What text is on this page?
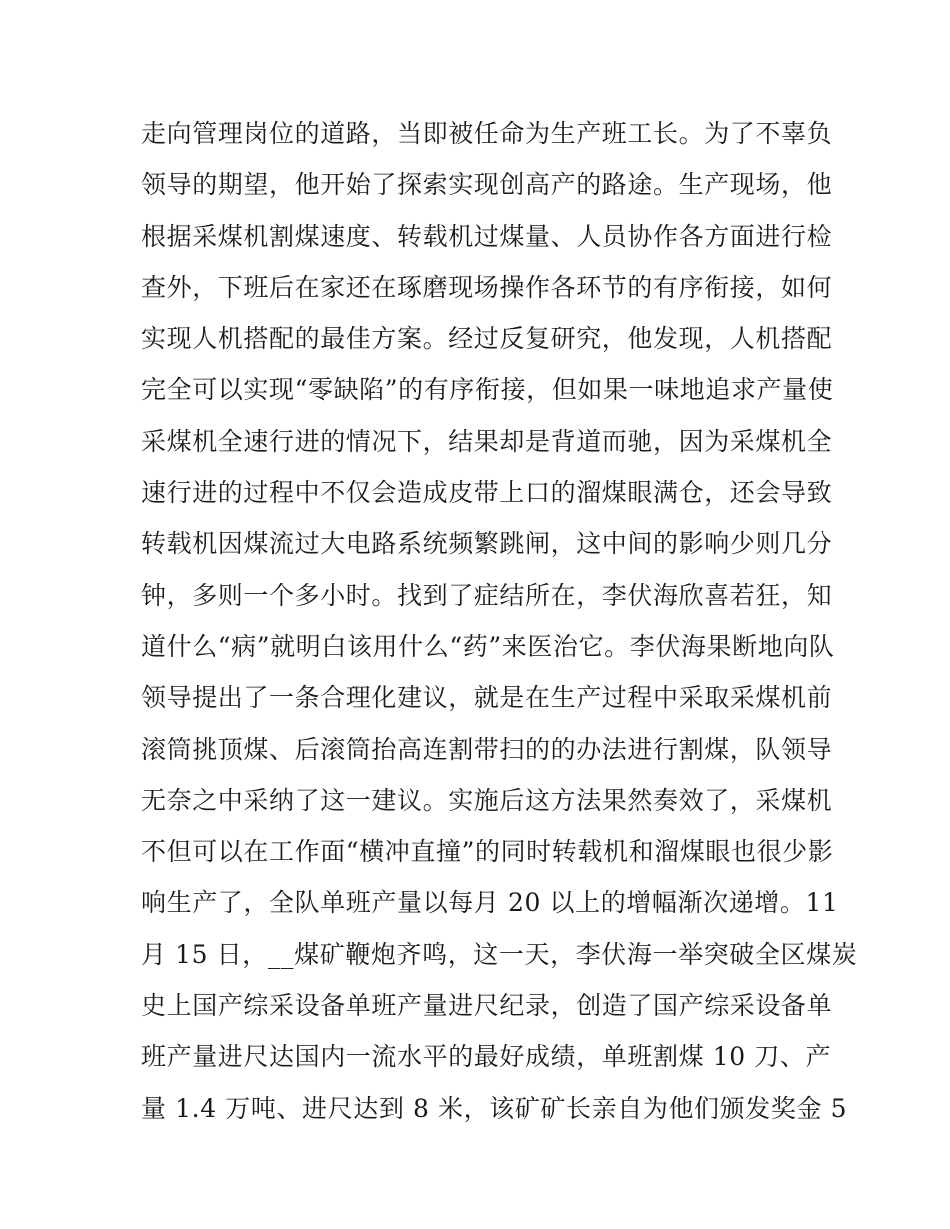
走向管理岗位的道路，当即被任命为生产班工长。为了不辜负
领导的期望，他开始了探索实现创高产的路途。生产现场，他
根据采煤机割煤速度、转载机过煤量、人员协作各方面进行检
查外，下班后在家还在琢磨现场操作各环节的有序衔接，如何
实现人机搭配的最佳方案。经过反复研究，他发现，人机搭配
完全可以实现“零缺陷”的有序衔接，但如果一味地追求产量使
采煤机全速行进的情况下，结果却是背道而驰，因为采煤机全
速行进的过程中不仅会造成皮带上口的溜煤眼满仓，还会导致
转载机因煤流过大电路系统频繁跳闸，这中间的影响少则几分
钟，多则一个多小时。找到了症结所在，李伏海欣喜若狂，知
道什么“病”就明白该用什么“药”来医治它。李伏海果断地向队
领导提出了一条合理化建议，就是在生产过程中采取采煤机前
滚筒挑顶煤、后滚筒抬高连割带扫的的办法进行割煤，队领导
无奈之中采纳了这一建议。实施后这方法果然奏效了，采煤机
不但可以在工作面“横冲直撞”的同时转载机和溜煤眼也很少影
响生产了，全队单班产量以每月 20 以上的增幅渐次递增。11
月 15 日，__煤矿鞭炮齐鸣，这一天，李伏海一举突破全区煤炭
史上国产综采设备单班产量进尺纪录，创造了国产综采设备单
班产量进尺达国内一流水平的最好成绩，单班割煤 10 刀、产
量 1.4 万吨、进尺达到 8 米，该矿矿长亲自为他们颁发奖金 5
